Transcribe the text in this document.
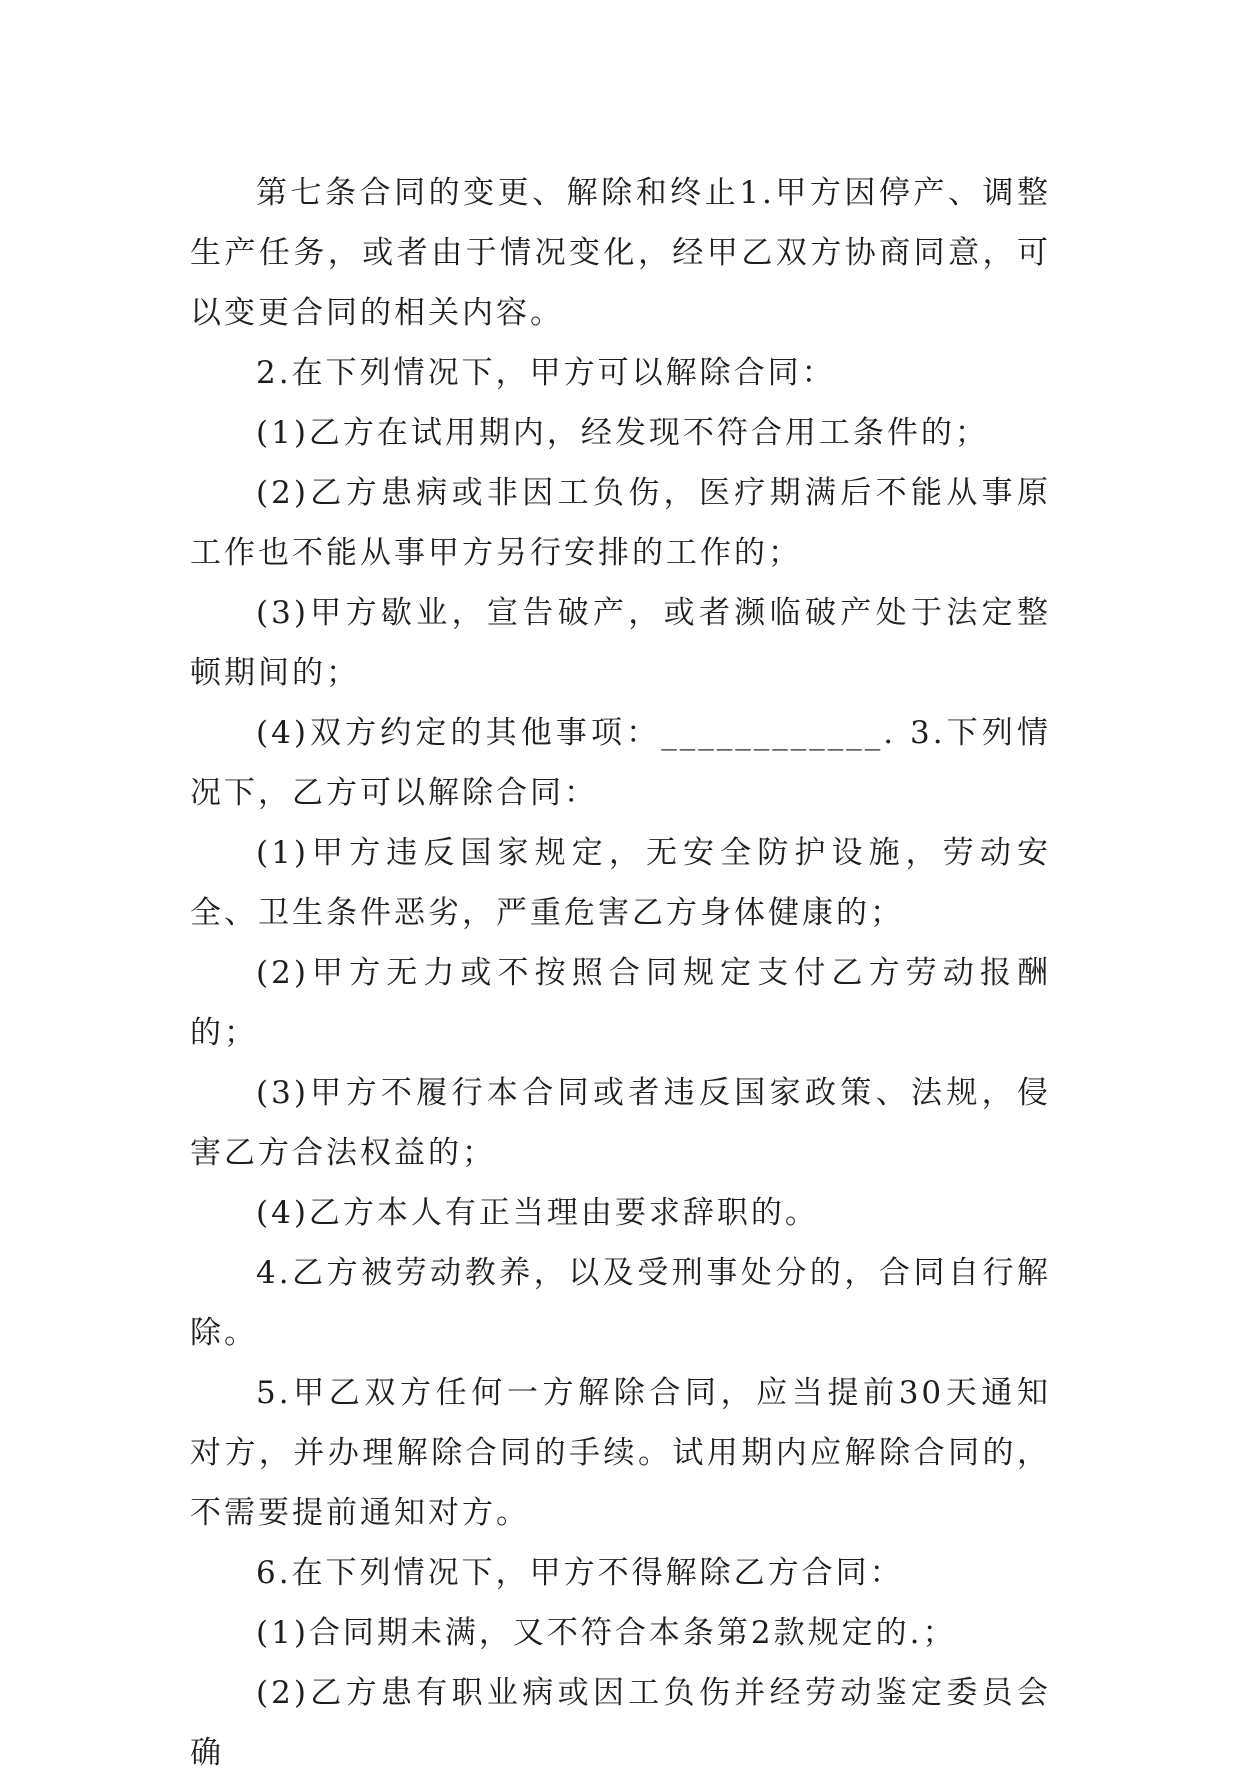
第七条合同的变更、解除和终止1.甲方因停产、调整生产任务，或者由于情况变化，经甲乙双方协商同意，可以变更合同的相关内容。

2.在下列情况下，甲方可以解除合同：

(1)乙方在试用期内，经发现不符合用工条件的；

(2)乙方患病或非因工负伤，医疗期满后不能从事原工作也不能从事甲方另行安排的工作的；

(3)甲方歇业，宣告破产，或者濒临破产处于法定整顿期间的；

(4)双方约定的其他事项：____________. 3.下列情况下，乙方可以解除合同：

(1)甲方违反国家规定，无安全防护设施，劳动安全、卫生条件恶劣，严重危害乙方身体健康的；

(2)甲方无力或不按照合同规定支付乙方劳动报酬的；

(3)甲方不履行本合同或者违反国家政策、法规，侵害乙方合法权益的；

(4)乙方本人有正当理由要求辞职的。

4.乙方被劳动教养，以及受刑事处分的，合同自行解除。

5.甲乙双方任何一方解除合同，应当提前30天通知对方，并办理解除合同的手续。试用期内应解除合同的，不需要提前通知对方。

6.在下列情况下，甲方不得解除乙方合同：

(1)合同期未满，又不符合本条第2款规定的.；

(2)乙方患有职业病或因工负伤并经劳动鉴定委员会确
